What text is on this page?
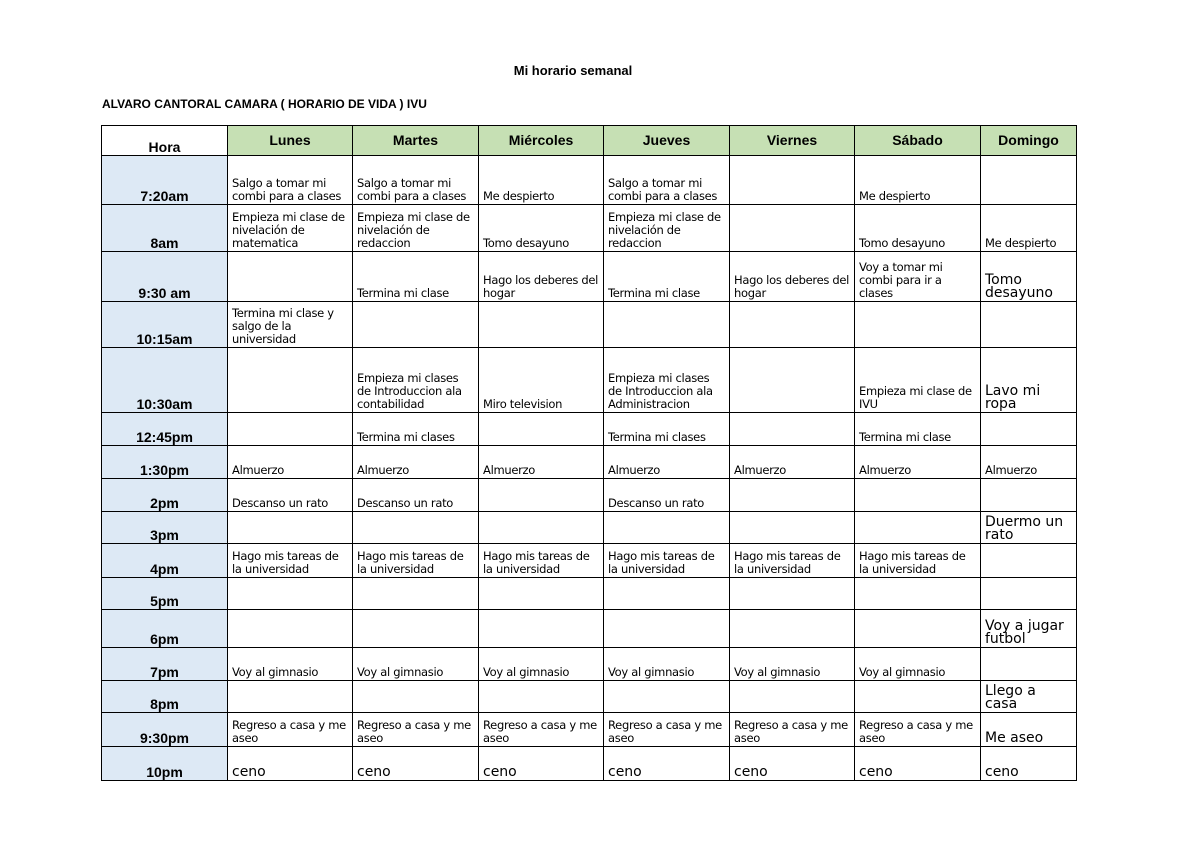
Mi horario semanal
ALVARO CANTORAL CAMARA ( HORARIO DE VIDA ) IVU
Hora	Lunes	Martes	Miércoles	Jueves	Viernes	Sábado	Domingo
7:20am	Salgo a tomar mi combi para a clases	Salgo a tomar mi combi para a clases	Me despierto	Salgo a tomar mi combi para a clases		Me despierto	
8am	Empieza mi clase de nivelación de matematica	Empieza mi clase de nivelación de redaccion	Tomo desayuno	Empieza mi clase de nivelación de redaccion		Tomo desayuno	Me despierto
9:30 am		Termina mi clase	Hago los deberes del hogar	Termina mi clase	Hago los deberes del hogar	Voy a tomar mi combi para ir a clases	Tomo desayuno
10:15am	Termina mi clase y salgo de la universidad						
10:30am		Empieza mi clases de Introduccion ala contabilidad	Miro television	Empieza mi clases de Introduccion ala Administracion		Empieza mi clase de IVU	Lavo mi ropa
12:45pm		Termina mi clases		Termina mi clases		Termina mi clase	
1:30pm	Almuerzo	Almuerzo	Almuerzo	Almuerzo	Almuerzo	Almuerzo	Almuerzo
2pm	Descanso un rato	Descanso un rato		Descanso un rato			
3pm							Duermo un rato
4pm	Hago mis tareas de la universidad	Hago mis tareas de la universidad	Hago mis tareas de la universidad	Hago mis tareas de la universidad	Hago mis tareas de la universidad	Hago mis tareas de la universidad	
5pm							
6pm							Voy a jugar futbol
7pm	Voy al gimnasio	Voy al gimnasio	Voy al gimnasio	Voy al gimnasio	Voy al gimnasio	Voy al gimnasio	
8pm							Llego a casa
9:30pm	Regreso a casa y me aseo	Regreso a casa y me aseo	Regreso a casa y me aseo	Regreso a casa y me aseo	Regreso a casa y me aseo	Regreso a casa y me aseo	Me aseo
10pm	ceno	ceno	ceno	ceno	ceno	ceno	ceno
